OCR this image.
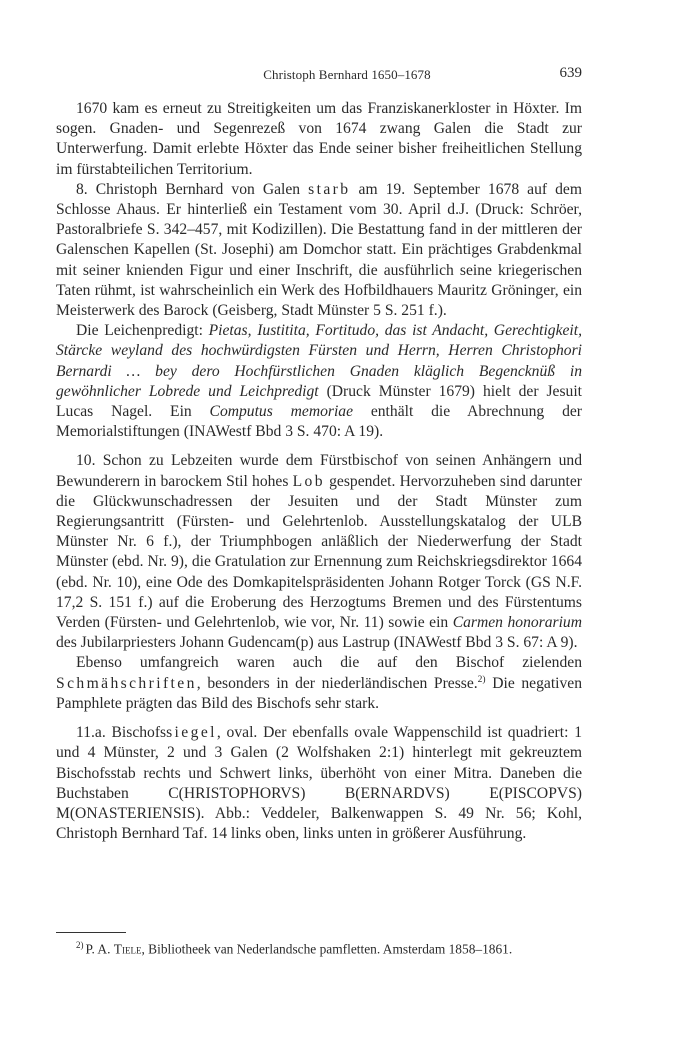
Christoph Bernhard 1650–1678	639

1670 kam es erneut zu Streitigkeiten um das Franziskanerkloster in Höxter. Im sogen. Gnaden- und Segenrezeß von 1674 zwang Galen die Stadt zur Unterwerfung. Damit erlebte Höxter das Ende seiner bisher freiheitlichen Stellung im fürstabteilichen Territorium.

8. Christoph Bernhard von Galen starb am 19. September 1678 auf dem Schlosse Ahaus. Er hinterließ ein Testament vom 30. April d.J. (Druck: Schröer, Pastoralbriefe S. 342–457, mit Kodizillen). Die Bestattung fand in der mittleren der Galenschen Kapellen (St. Josephi) am Domchor statt. Ein prächtiges Grabdenkmal mit seiner knienden Figur und einer Inschrift, die ausführlich seine kriegerischen Taten rühmt, ist wahrscheinlich ein Werk des Hofbildhauers Mauritz Gröninger, ein Meisterwerk des Barock (Geisberg, Stadt Münster 5 S. 251 f.).

Die Leichenpredigt: Pietas, Iustitita, Fortitudo, das ist Andacht, Gerechtigkeit, Stärcke weyland des hochwürdigsten Fürsten und Herrn, Herren Christophori Bernardi … bey dero Hochfürstlichen Gnaden kläglich Begencknüß in gewöhnlicher Lobrede und Leichpredigt (Druck Münster 1679) hielt der Jesuit Lucas Nagel. Ein Computus memoriae enthält die Abrechnung der Memorialstiftungen (INAWestf Bbd 3 S. 470: A 19).

10. Schon zu Lebzeiten wurde dem Fürstbischof von seinen Anhängern und Bewunderern in barockem Stil hohes Lob gespendet. Hervorzuheben sind darunter die Glückwunschadressen der Jesuiten und der Stadt Münster zum Regierungsantritt (Fürsten- und Gelehrtenlob. Ausstellungskatalog der ULB Münster Nr. 6 f.), der Triumphbogen anläßlich der Niederwerfung der Stadt Münster (ebd. Nr. 9), die Gratulation zur Ernennung zum Reichskriegsdirektor 1664 (ebd. Nr. 10), eine Ode des Domkapitelspräsidenten Johann Rotger Torck (GS N.F. 17,2 S. 151 f.) auf die Eroberung des Herzogtums Bremen und des Fürstentums Verden (Fürsten- und Gelehrtenlob, wie vor, Nr. 11) sowie ein Carmen honorarium des Jubilarpriesters Johann Gudencam(p) aus Lastrup (INAWestf Bbd 3 S. 67: A 9).

Ebenso umfangreich waren auch die auf den Bischof zielenden Schmähschriften, besonders in der niederländischen Presse.$^{2)}$ Die negativen Pamphlete prägten das Bild des Bischofs sehr stark.

11.a. Bischofssiegel, oval. Der ebenfalls ovale Wappenschild ist quadriert: 1 und 4 Münster, 2 und 3 Galen (2 Wolfshaken 2:1) hinterlegt mit gekreuztem Bischofsstab rechts und Schwert links, überhöht von einer Mitra. Daneben die Buchstaben C(HRISTOPHORVS) B(ERNARDVS) E(PISCOPVS) M(ONASTERIENSIS). Abb.: Veddeler, Balkenwappen S. 49 Nr. 56; Kohl, Christoph Bernhard Taf. 14 links oben, links unten in größerer Ausführung.

$^{2)}$ P. A. Tiele, Bibliotheek van Nederlandsche pamfletten. Amsterdam 1858–1861.
